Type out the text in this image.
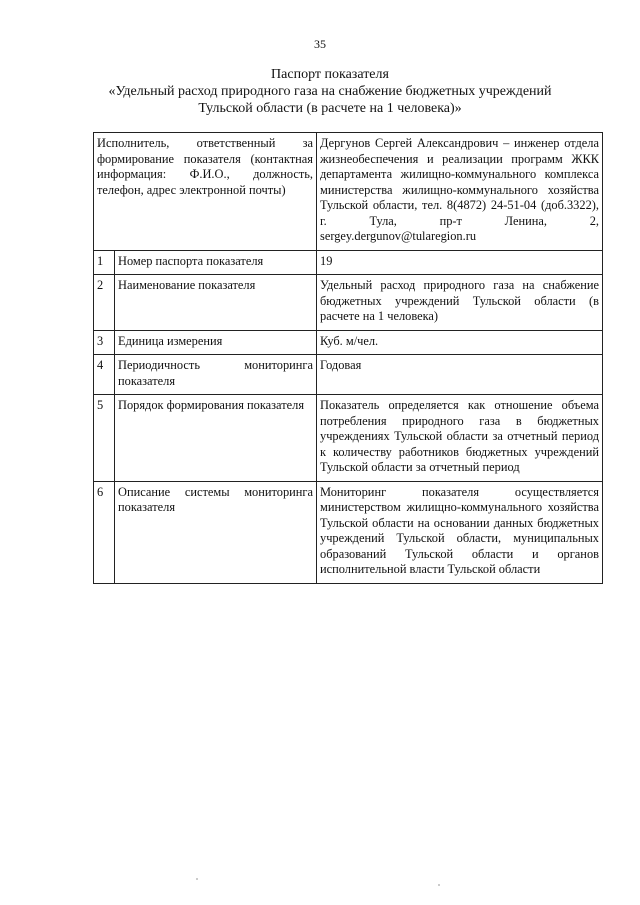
35
Паспорт показателя
«Удельный расход природного газа на снабжение бюджетных учреждений
Тульской области (в расчете на 1 человека)»
Исполнитель, ответственный за формирование показателя (контактная информация: Ф.И.О., должность, телефон, адрес электронной почты)		Дергунов Сергей Александрович – инженер отдела жизнеобеспечения и реализации программ ЖКК департамента жилищно-коммунального комплекса министерства жилищно-коммунального хозяйства Тульской области, тел. 8(4872) 24-51-04 (доб.3322), г. Тула, пр-т Ленина, 2, sergey.dergunov@tularegion.ru
1	Номер паспорта показателя	19
2	Наименование показателя	Удельный расход природного газа на снабжение бюджетных учреждений Тульской области (в расчете на 1 человека)
3	Единица измерения	Куб. м/чел.
4	Периодичность мониторинга показателя	Годовая
5	Порядок формирования показателя	Показатель определяется как отношение объема потребления природного газа в бюджетных учреждениях Тульской области за отчетный период к количеству работников бюджетных учреждений Тульской области за отчетный период
6	Описание системы мониторинга показателя	Мониторинг показателя осуществляется министерством жилищно-коммунального хозяйства Тульской области на основании данных бюджетных учреждений Тульской области, муниципальных образований Тульской области и органов исполнительной власти Тульской области
